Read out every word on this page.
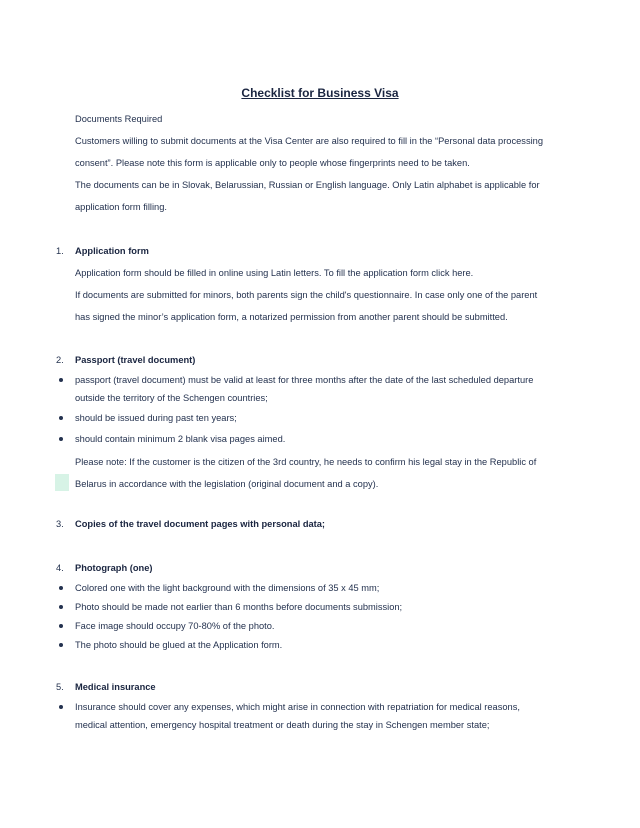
Checklist for Business Visa
Documents Required
Customers willing to submit documents at the Visa Center are also required to fill in the “Personal data processing
consent”. Please note this form is applicable only to people whose fingerprints need to be taken.
The documents can be in Slovak, Belarussian, Russian or English language. Only Latin alphabet is applicable for
application form filling.
1. Application form
Application form should be filled in online using Latin letters. To fill the application form click here.
If documents are submitted for minors, both parents sign the child's questionnaire. In case only one of the parent
has signed the minor’s application form, a notarized permission from another parent should be submitted.
2. Passport (travel document)
passport (travel document) must be valid at least for three months after the date of the last scheduled departure
outside the territory of the Schengen countries;
should be issued during past ten years;
should contain minimum 2 blank visa pages aimed.
Please note: If the customer is the citizen of the 3rd country, he needs to confirm his legal stay in the Republic of
Belarus in accordance with the legislation (original document and a copy).
3. Copies of the travel document pages with personal data;
4. Photograph (one)
Colored one with the light background with the dimensions of 35 x 45 mm;
Photo should be made not earlier than 6 months before documents submission;
Face image should occupy 70-80% of the photo.
The photo should be glued at the Application form.
5. Medical insurance
Insurance should cover any expenses, which might arise in connection with repatriation for medical reasons,
medical attention, emergency hospital treatment or death during the stay in Schengen member state;
